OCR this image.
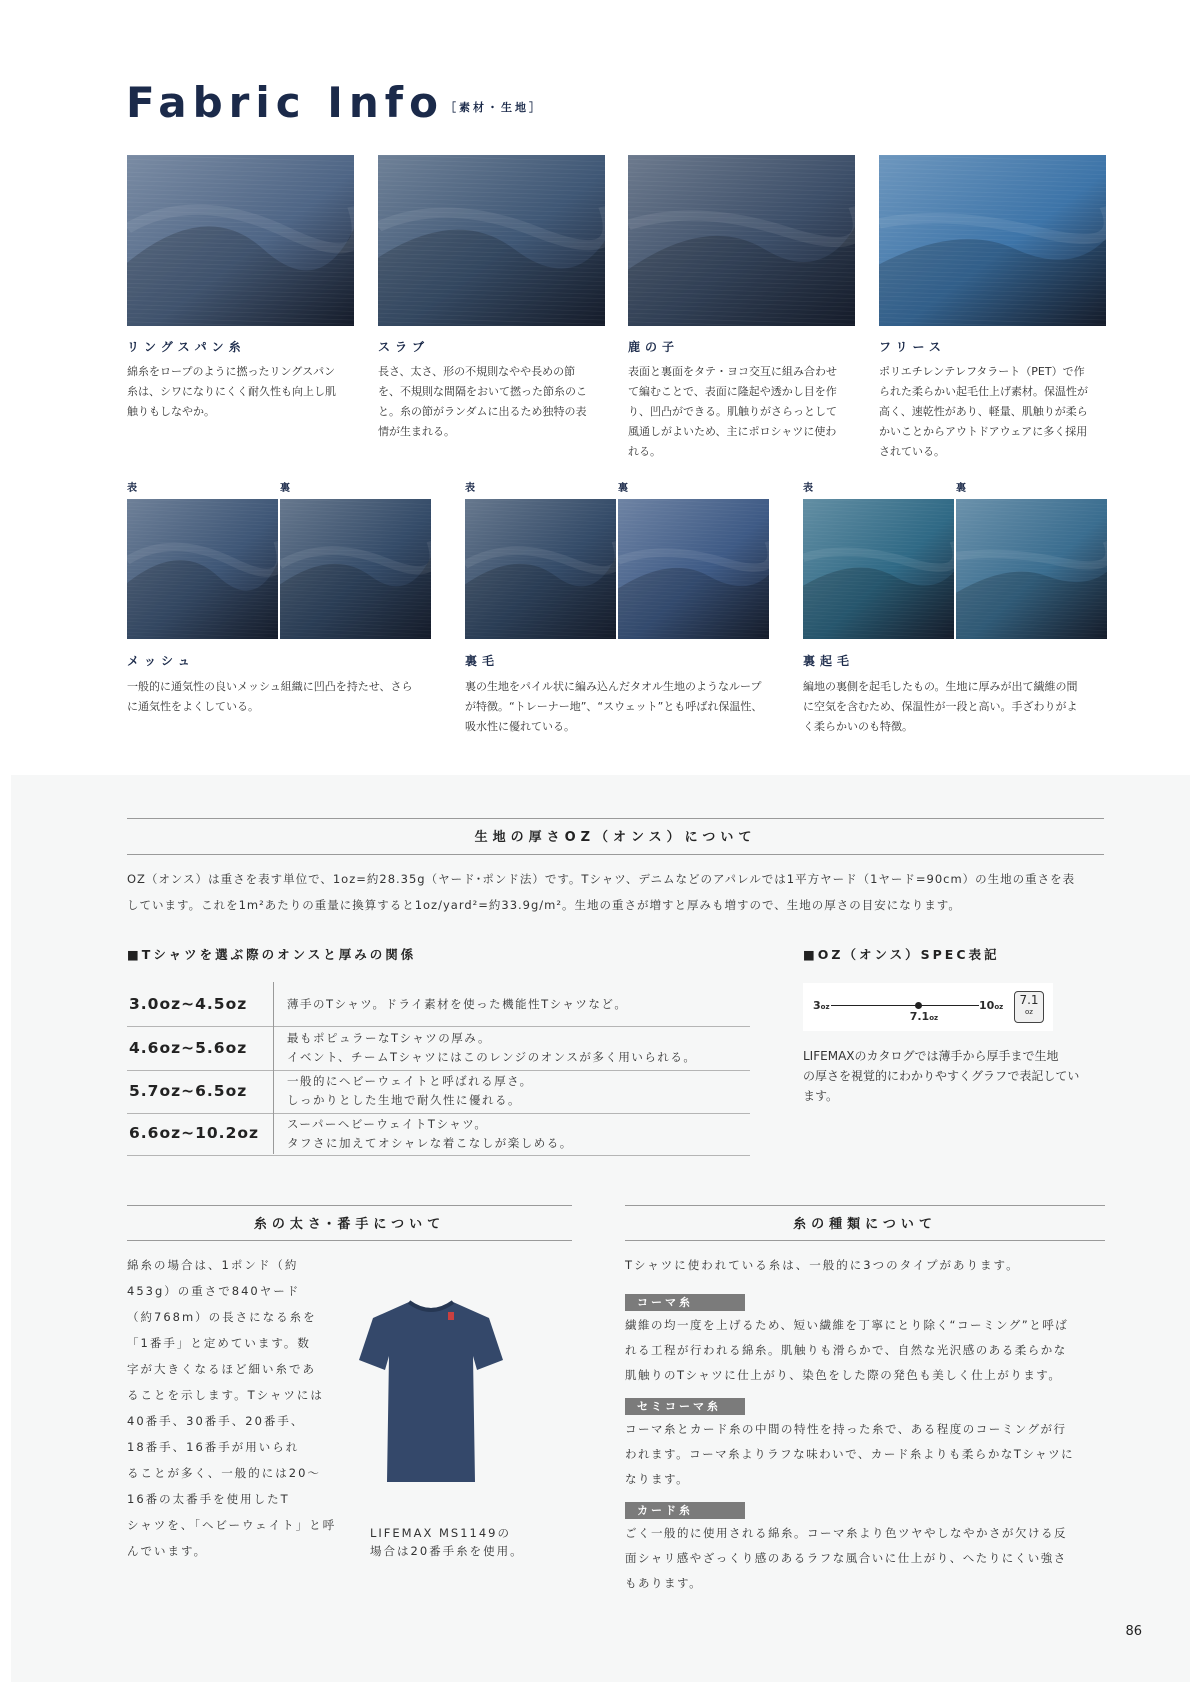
Fabric Info ［素材・生地］
リングスパン糸
綿糸をロープのように撚ったリングスパン
糸は、シワになりにくく耐久性も向上し肌
触りもしなやか。
スラブ
長さ、太さ、形の不規則なやや長めの節
を、不規則な間隔をおいて撚った節糸のこ
と。糸の節がランダムに出るため独特の表
情が生まれる。
鹿の子
表面と裏面をタテ・ヨコ交互に組み合わせ
て編むことで、表面に隆起や透かし目を作
り、凹凸ができる。肌触りがさらっとして
風通しがよいため、主にポロシャツに使わ
れる。
フリース
ポリエチレンテレフタラート（PET）で作
られた柔らかい起毛仕上げ素材。保温性が
高く、速乾性があり、軽量、肌触りが柔ら
かいことからアウトドアウェアに多く採用
されている。
表	裏
メッシュ
一般的に通気性の良いメッシュ組織に凹凸を持たせ、さら
に通気性をよくしている。
表	裏
裏毛
裏の生地をパイル状に編み込んだタオル生地のようなループ
が特徴。“トレーナー地”、“スウェット”とも呼ばれ保温性、
吸水性に優れている。
表	裏
裏起毛
編地の裏側を起毛したもの。生地に厚みが出て繊維の間
に空気を含むため、保温性が一段と高い。手ざわりがよ
く柔らかいのも特徴。
生地の厚さOZ（オンス）について
OZ（オンス）は重さを表す単位で、1oz=約28.35g（ヤード･ポンド法）です。Tシャツ、デニムなどのアパレルでは1平方ヤード（1ヤード=90cm）の生地の重さを表
しています。これを1m²あたりの重量に換算すると1oz/yard²=約33.9g/m²。生地の重さが増すと厚みも増すので、生地の厚さの目安になります。
■Tシャツを選ぶ際のオンスと厚みの関係	■OZ（オンス）SPEC表記
3.0oz~4.5oz	薄手のTシャツ。ドライ素材を使った機能性Tシャツなど。
4.6oz~5.6oz
最もポピュラーなTシャツの厚み。
イベント、チームTシャツにはこのレンジのオンスが多く用いられる。
5.7oz~6.5oz
一般的にヘビーウェイトと呼ばれる厚さ。
しっかりとした生地で耐久性に優れる。
6.6oz~10.2oz スーパーヘビーウェイトTシャツ。
タフさに加えてオシャレな着こなしが楽しめる。
3oz
7.1oz
10oz	7.1
oz
LIFEMAXのカタログでは薄手から厚手まで生地
の厚さを視覚的にわかりやすくグラフで表記してい
ます。
糸の太さ･番手について
綿糸の場合は、1ポンド（約
453g）の重さで840ヤード
（約768m）の長さになる糸を
「1番手」と定めています。数
字が大きくなるほど細い糸であ
ることを示します。Tシャツには
40番手、30番手、20番手、
18番手、16番手が用いられ
ることが多く、一般的には20～
16番の太番手を使用したT
シャツを、「ヘビーウェイト」と呼
んでいます。
LIFEMAX MS1149の
場合は20番手糸を使用。
糸の種類について
Tシャツに使われている糸は、一般的に3つのタイプがあります。
コーマ糸
繊維の均一度を上げるため、短い繊維を丁寧にとり除く“コーミング”と呼ば
れる工程が行われる綿糸。肌触りも滑らかで、自然な光沢感のある柔らかな
肌触りのTシャツに仕上がり、染色をした際の発色も美しく仕上がります。
セミコーマ糸
コーマ糸とカード糸の中間の特性を持った糸で、ある程度のコーミングが行
われます。コーマ糸よりラフな味わいで、カード糸よりも柔らかなTシャツに
なります。
カード糸
ごく一般的に使用される綿糸。コーマ糸より色ツヤやしなやかさが欠ける反
面シャリ感やざっくり感のあるラフな風合いに仕上がり、へたりにくい強さ
もあります。
86
